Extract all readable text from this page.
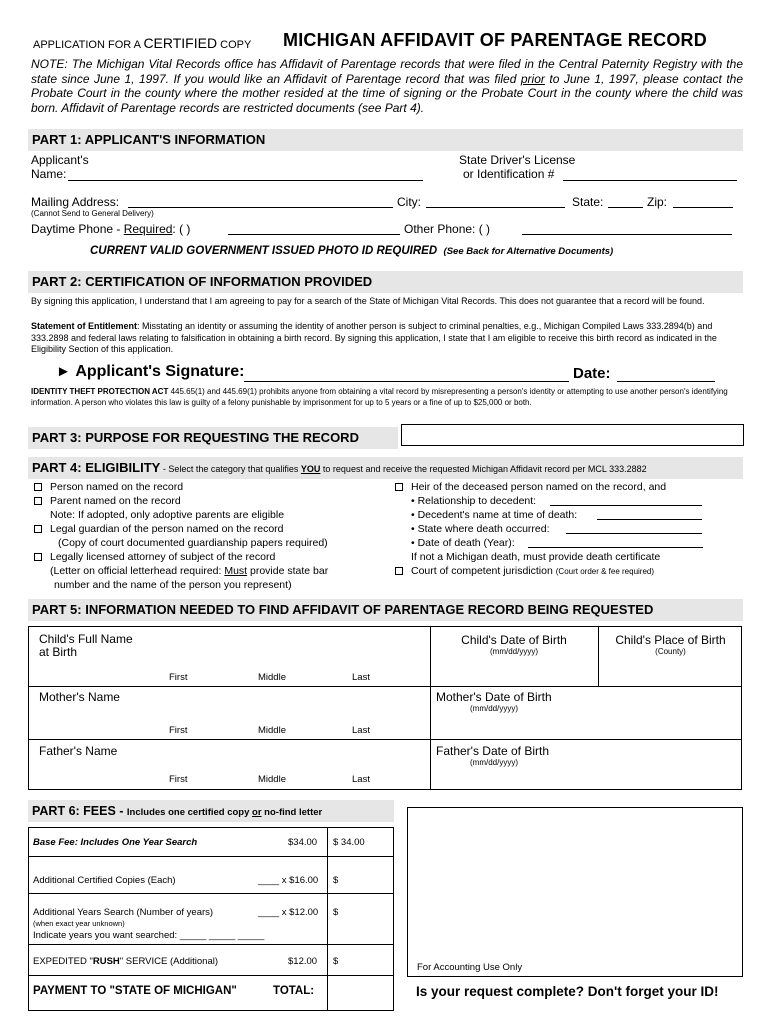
APPLICATION FOR A CERTIFIED COPY MICHIGAN AFFIDAVIT OF PARENTAGE RECORD
NOTE: The Michigan Vital Records office has Affidavit of Parentage records that were filed in the Central Paternity Registry with the state since June 1, 1997. If you would like an Affidavit of Parentage record that was filed prior to June 1, 1997, please contact the Probate Court in the county where the mother resided at the time of signing or the Probate Court in the county where the child was born. Affidavit of Parentage records are restricted documents (see Part 4).
PART 1: APPLICANT'S INFORMATION
Applicant's
Name:
State Driver's License
or Identification #
Mailing Address:	City:	State:	Zip:
(Cannot Send to General Delivery)
Daytime Phone - Required: ( )	Other Phone: ( )
CURRENT VALID GOVERNMENT ISSUED PHOTO ID REQUIRED (See Back for Alternative Documents)
PART 2: CERTIFICATION OF INFORMATION PROVIDED
By signing this application, I understand that I am agreeing to pay for a search of the State of Michigan Vital Records. This does not guarantee that a record will be found.
Statement of Entitlement: Misstating an identity or assuming the identity of another person is subject to criminal penalties, e.g., Michigan Compiled Laws 333.2894(b) and 333.2898 and federal laws relating to falsification in obtaining a birth record. By signing this application, I state that I am eligible to receive this birth record as indicated in the Eligibility Section of this application.
► Applicant's Signature:	Date:
IDENTITY THEFT PROTECTION ACT 445.65(1) and 445.69(1) prohibits anyone from obtaining a vital record by misrepresenting a person's identity or attempting to use another person's identifying information. A person who violates this law is guilty of a felony punishable by imprisonment for up to 5 years or a fine of up to $25,000 or both.
PART 3: PURPOSE FOR REQUESTING THE RECORD
PART 4: ELIGIBILITY - Select the category that qualifies YOU to request and receive the requested Michigan Affidavit record per MCL 333.2882
Person named on the record
Parent named on the record
Note: If adopted, only adoptive parents are eligible
Legal guardian of the person named on the record
(Copy of court documented guardianship papers required)
Legally licensed attorney of subject of the record
(Letter on official letterhead required: Must provide state bar
number and the name of the person you represent)
Heir of the deceased person named on the record, and
• Relationship to decedent:
• Decedent's name at time of death:
• State where death occurred:
• Date of death (Year):
If not a Michigan death, must provide death certificate
Court of competent jurisdiction (Court order & fee required)
PART 5: INFORMATION NEEDED TO FIND AFFIDAVIT OF PARENTAGE RECORD BEING REQUESTED
Child's Full Name
at Birth
Child's Date of Birth
(mm/dd/yyyy)
Child's Place of Birth
(County)
First	Middle	Last
Mother's Name	Mother's Date of Birth
(mm/dd/yyyy)
First	Middle	Last
Father's Name	Father's Date of Birth
(mm/dd/yyyy)
First	Middle	Last
PART 6: FEES - Includes one certified copy or no-find letter
Base Fee: Includes One Year Search	$34.00 $ 34.00
Additional Certified Copies (Each)	____ x $16.00 $
Additional Years Search (Number of years)	____ x $12.00 $
(when exact year unknown)
Indicate years you want searched: _____ _____ _____
EXPEDITED "RUSH" SERVICE (Additional)	$12.00 $
PAYMENT TO "STATE OF MICHIGAN"	TOTAL:
For Accounting Use Only
Is your request complete? Don't forget your ID!
